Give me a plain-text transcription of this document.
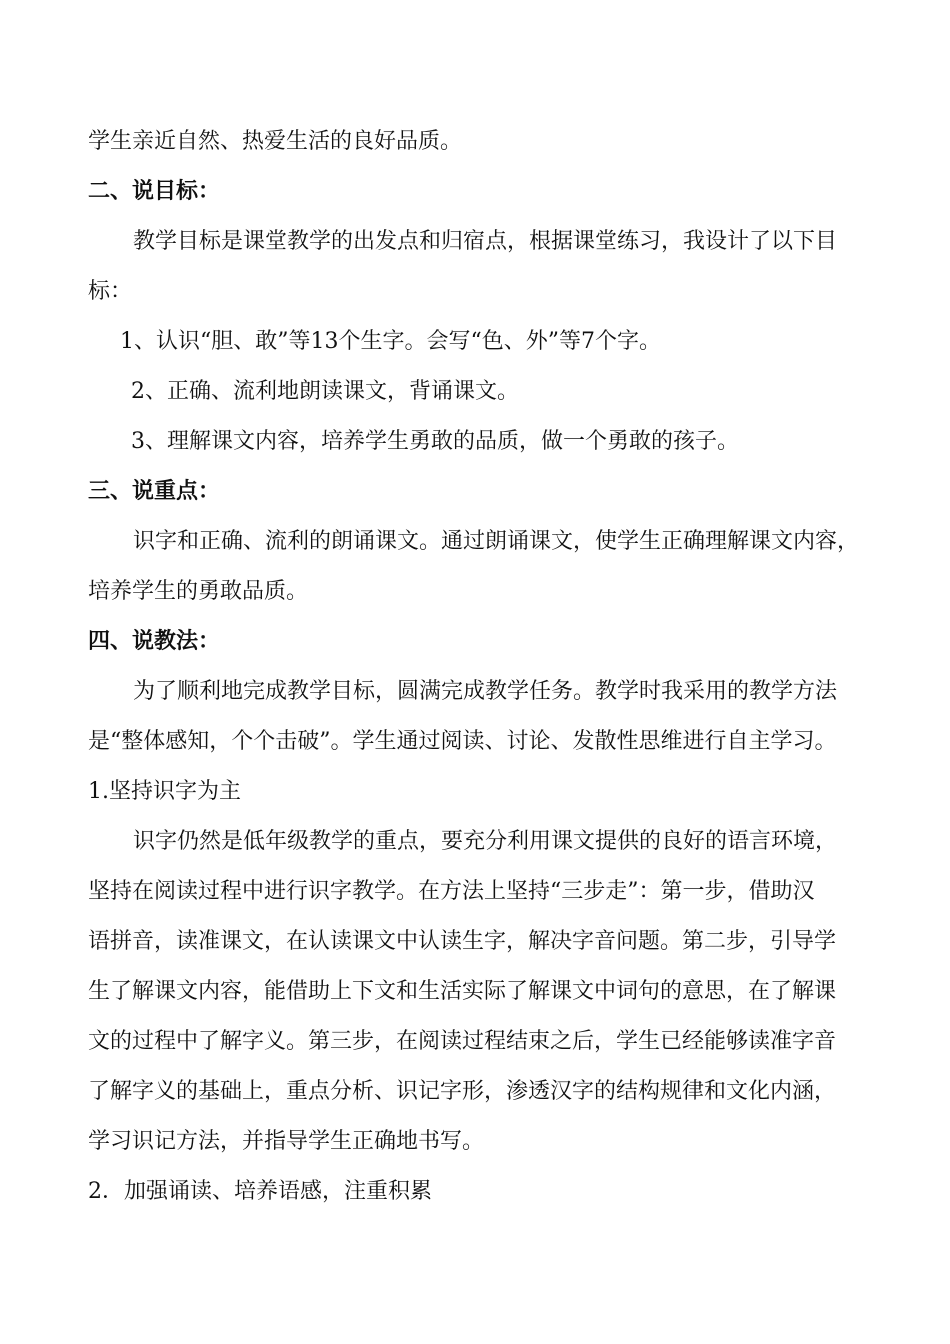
学生亲近自然、热爱生活的良好品质。
二、说目标：
教学目标是课堂教学的出发点和归宿点，根据课堂练习，我设计了以下目
标：
1、认识“胆、敢”等13个生字。会写“色、外”等7个字。
2、正确、流利地朗读课文，背诵课文。
3、理解课文内容，培养学生勇敢的品质，做一个勇敢的孩子。
三、说重点：
识字和正确、流利的朗诵课文。通过朗诵课文，使学生正确理解课文内容，
培养学生的勇敢品质。
四、说教法：
为了顺利地完成教学目标，圆满完成教学任务。教学时我采用的教学方法
是“整体感知，个个击破”。学生通过阅读、讨论、发散性思维进行自主学习。
1.坚持识字为主
识字仍然是低年级教学的重点，要充分利用课文提供的良好的语言环境，
坚持在阅读过程中进行识字教学。在方法上坚持“三步走”：第一步，借助汉
语拼音，读准课文，在认读课文中认读生字，解决字音问题。第二步，引导学
生了解课文内容，能借助上下文和生活实际了解课文中词句的意思，在了解课
文的过程中了解字义。第三步，在阅读过程结束之后，学生已经能够读准字音
了解字义的基础上，重点分析、识记字形，渗透汉字的结构规律和文化内涵，
学习识记方法，并指导学生正确地书写。
2．加强诵读、培养语感，注重积累
